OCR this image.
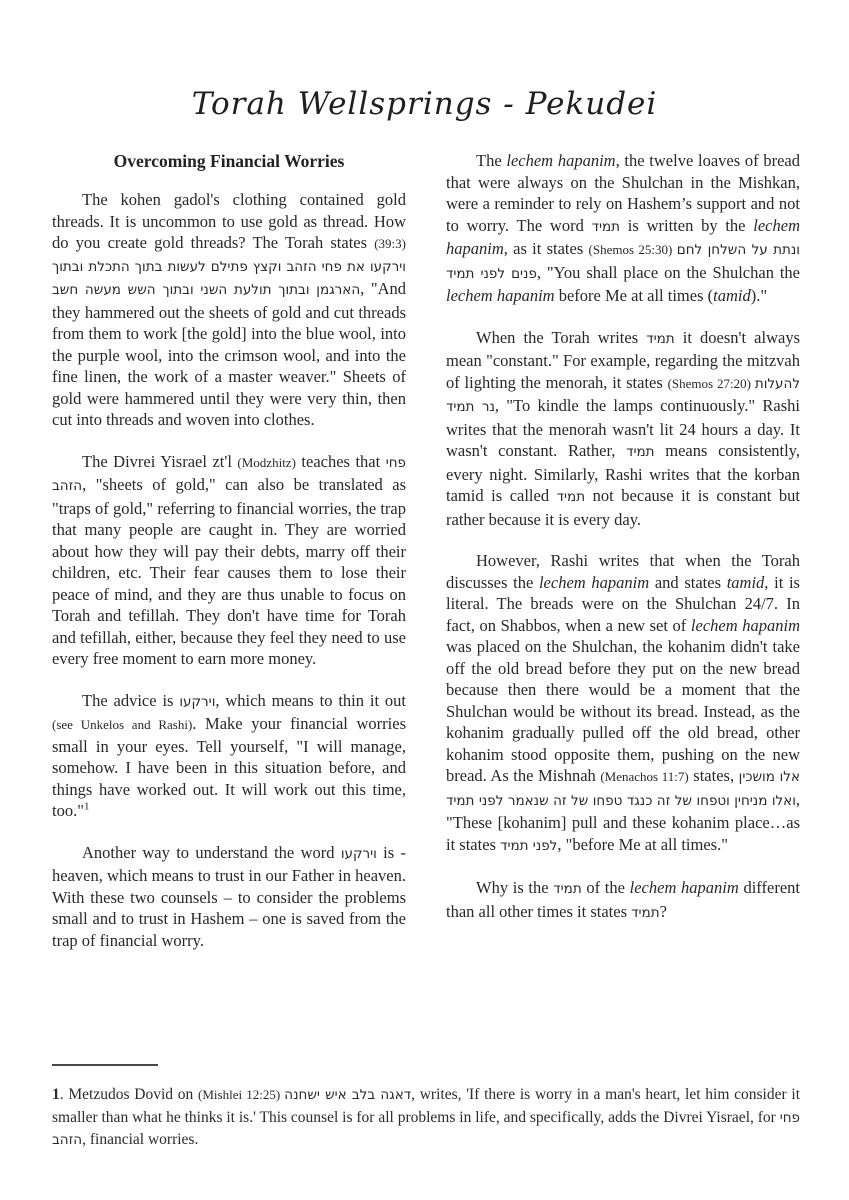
Torah Wellsprings - Pekudei
Overcoming Financial Worries

The kohen gadol's clothing contained gold threads. It is uncommon to use gold as thread. How do you create gold threads? The Torah states (39:3) וירקעו את פחי הזהב וקצץ פתילם לעשות בתוך התכלת ובתוך הארגמן ובתוך תולעת השני ובתוך השש מעשה חשב, "And they hammered out the sheets of gold and cut threads from them to work [the gold] into the blue wool, into the purple wool, into the crimson wool, and into the fine linen, the work of a master weaver." Sheets of gold were hammered until they were very thin, then cut into threads and woven into clothes.

The Divrei Yisrael zt'l (Modzhitz) teaches that פחי הזהב, "sheets of gold," can also be translated as "traps of gold," referring to financial worries, the trap that many people are caught in. They are worried about how they will pay their debts, marry off their children, etc. Their fear causes them to lose their peace of mind, and they are thus unable to focus on Torah and tefillah. They don't have time for Torah and tefillah, either, because they feel they need to use every free moment to earn more money.

The advice is וירקעו, which means to thin it out (see Unkelos and Rashi). Make your financial worries small in your eyes. Tell yourself, "I will manage, somehow. I have been in this situation before, and things have worked out. It will work out this time, too."$^1$

Another way to understand the word וירקעו is - heaven, which means to trust in our Father in heaven. With these two counsels – to consider the problems small and to trust in Hashem – one is saved from the trap of financial worry.

The lechem hapanim, the twelve loaves of bread that were always on the Shulchan in the Mishkan, were a reminder to rely on Hashem’s support and not to worry. The word תמיד is written by the lechem hapanim, as it states (Shemos 25:30) ונתת על השלחן לחם פנים לפני תמיד, "You shall place on the Shulchan the lechem hapanim before Me at all times (tamid)."

When the Torah writes תמיד it doesn't always mean "constant." For example, regarding the mitzvah of lighting the menorah, it states (Shemos 27:20) להעלות נר תמיד, "To kindle the lamps continuously." Rashi writes that the menorah wasn't lit 24 hours a day. It wasn't constant. Rather, תמיד means consistently, every night. Similarly, Rashi writes that the korban tamid is called תמיד not because it is constant but rather because it is every day.

However, Rashi writes that when the Torah discusses the lechem hapanim and states tamid, it is literal. The breads were on the Shulchan 24/7. In fact, on Shabbos, when a new set of lechem hapanim was placed on the Shulchan, the kohanim didn't take off the old bread before they put on the new bread because then there would be a moment that the Shulchan would be without its bread. Instead, as the kohanim gradually pulled off the old bread, other kohanim stood opposite them, pushing on the new bread. As the Mishnah (Menachos 11:7) states, אלו מושכין ואלו מניחין וטפחו של זה כנגד טפחו של זה שנאמר לפני תמיד, "These [kohanim] pull and these kohanim place…as it states לפני תמיד, "before Me at all times."

Why is the תמיד of the lechem hapanim different than all other times it states תמיד?

1. Metzudos Dovid on (Mishlei 12:25) דאגה בלב איש ישחנה, writes, 'If there is worry in a man's heart, let him consider it smaller than what he thinks it is.' This counsel is for all problems in life, and specifically, adds the Divrei Yisrael, for פחי הזהב, financial worries.
